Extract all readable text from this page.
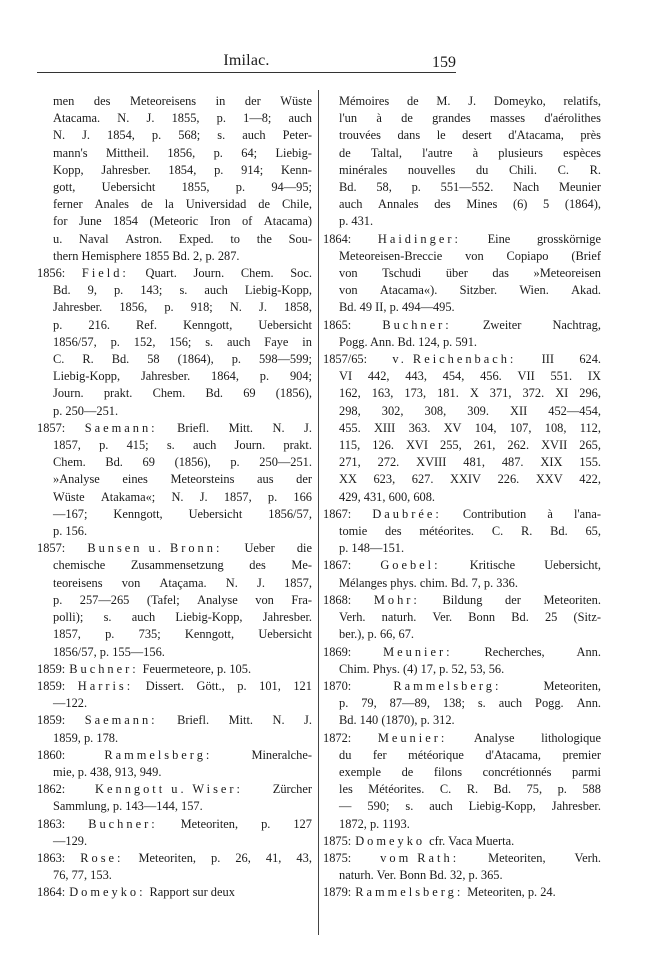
Imilac.	159
men des Meteoreisens in der Wüste
Atacama. N. J. 1855, p. 1—8; auch
N. J. 1854, p. 568; s. auch Peter-
mann's Mittheil. 1856, p. 64; Liebig-
Kopp, Jahresber. 1854, p. 914; Kenn-
gott, Uebersicht 1855, p. 94—95;
ferner Anales de la Universidad de Chile,
for June 1854 (Meteoric Iron of Atacama)
u. Naval Astron. Exped. to the Sou-
thern Hemisphere 1855 Bd. 2, p. 287.
1856: Field: Quart. Journ. Chem. Soc.
Bd. 9, p. 143; s. auch Liebig-Kopp,
Jahresber. 1856, p. 918; N. J. 1858,
p. 216. Ref. Kenngott, Uebersicht
1856/57, p. 152, 156; s. auch Faye in
C. R. Bd. 58 (1864), p. 598—599;
Liebig-Kopp, Jahresber. 1864, p. 904;
Journ. prakt. Chem. Bd. 69 (1856),
p. 250—251.
1857: Saemann: Briefl. Mitt. N. J.
1857, p. 415; s. auch Journ. prakt.
Chem. Bd. 69 (1856), p. 250—251.
»Analyse eines Meteorsteins aus der
Wüste Atakama«; N. J. 1857, p. 166
—167; Kenngott, Uebersicht 1856/57,
p. 156.
1857: Bunsen u. Bronn: Ueber die
chemische Zusammensetzung des Me-
teoreisens von Ataçama. N. J. 1857,
p. 257—265 (Tafel; Analyse von Fra-
polli); s. auch Liebig-Kopp, Jahresber.
1857, p. 735; Kenngott, Uebersicht
1856/57, p. 155—156.
1859: Buchner: Feuermeteore, p. 105.
1859: Harris: Dissert. Gött., p. 101, 121
—122.
1859: Saemann: Briefl. Mitt. N. J.
1859, p. 178.
1860:	Rammelsberg:	Mineralche-
mie, p. 438, 913, 949.
1862: Kenngott u. Wiser: Zürcher
Sammlung, p. 143—144, 157.
1863: Buchner: Meteoriten, p. 127
—129.
1863: Rose: Meteoriten, p. 26, 41, 43,
76, 77, 153.
1864: Domeyko: Rapport sur deux
Mémoires de M. J. Domeyko, relatifs,
l'un à de grandes masses d'aérolithes
trouvées dans le desert d'Atacama, près
de Taltal, l'autre à plusieurs espèces
minérales nouvelles du Chili. C. R.
Bd. 58, p. 551—552. Nach Meunier
auch Annales des Mines (6) 5 (1864),
p. 431.
1864: Haidinger: Eine grosskörnige
Meteoreisen-Breccie von Copiapo (Brief
von Tschudi über das »Meteoreisen
von Atacama«). Sitzber. Wien. Akad.
Bd. 49 II, p. 494—495.
1865:	Buchner:	Zweiter	Nachtrag,
Pogg. Ann. Bd. 124, p. 591.
1857/65: v. Reichenbach: III 624.
VI 442, 443, 454, 456. VII 551. IX
162, 163, 173, 181. X 371, 372. XI 296,
298, 302, 308, 309. XII 452—454,
455. XIII 363. XV 104, 107, 108, 112,
115, 126. XVI 255, 261, 262. XVII 265,
271, 272. XVIII 481, 487. XIX 155.
XX 623, 627. XXIV 226. XXV 422,
429, 431, 600, 608.
1867: Daubrée: Contribution à l'ana-
tomie des météorites. C. R. Bd. 65,
p. 148—151.
1867: Goebel: Kritische Uebersicht,
Mélanges phys. chim. Bd. 7, p. 336.
1868: Mohr: Bildung der Meteoriten.
Verh. naturh. Ver. Bonn Bd. 25 (Sitz-
ber.), p. 66, 67.
1869:	Meunier:	Recherches,	Ann.
Chim. Phys. (4) 17, p. 52, 53, 56.
1870:	Rammelsberg:	Meteoriten,
p. 79, 87—89, 138; s. auch Pogg. Ann.
Bd. 140 (1870), p. 312.
1872: Meunier: Analyse lithologique
du fer météorique d'Atacama, premier
exemple de filons concrétionnés parmi
les Météorites. C. R. Bd. 75, p. 588
— 590; s. auch Liebig-Kopp, Jahresber.
1872, p. 1193.
1875: Domeyko cfr. Vaca Muerta.
1875: vom Rath: Meteoriten, Verh.
naturh. Ver. Bonn Bd. 32, p. 365.
1879: Rammelsberg: Meteoriten, p. 24.
